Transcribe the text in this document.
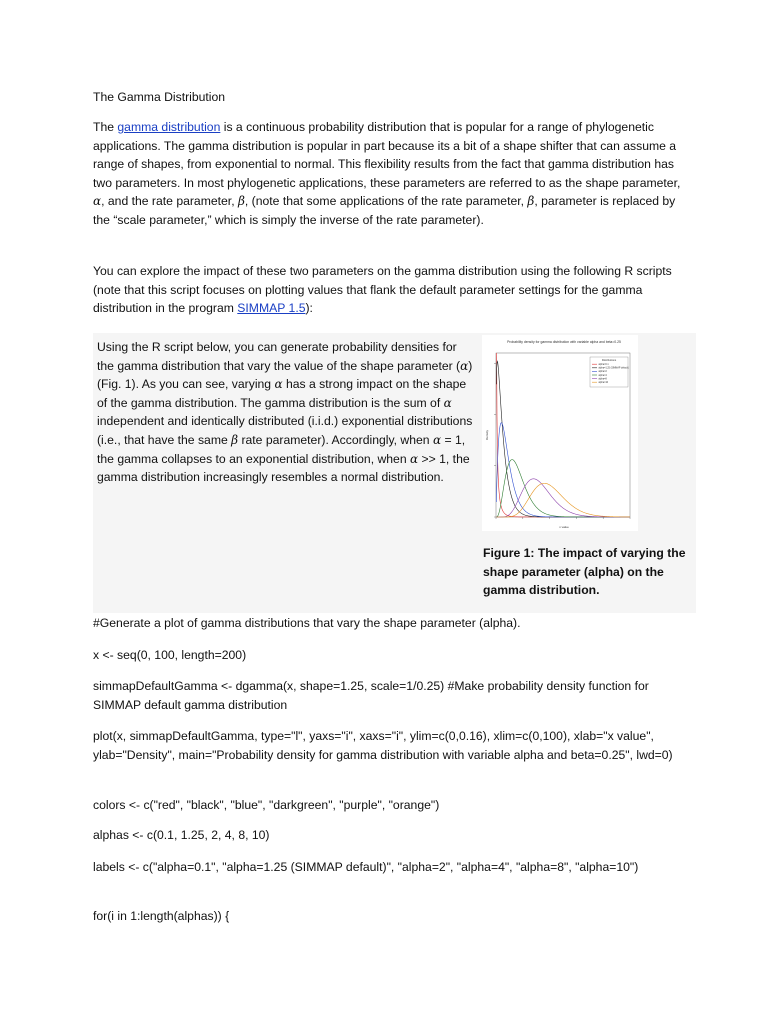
The Gamma Distribution

The gamma distribution is a continuous probability distribution that is popular for a range of phylogenetic applications. The gamma distribution is popular in part because its a bit of a shape shifter that can assume a range of shapes, from exponential to normal. This flexibility results from the fact that gamma distribution has two parameters. In most phylogenetic applications, these parameters are referred to as the shape parameter, α, and the rate parameter, β, (note that some applications of the rate parameter, β, parameter is replaced by the “scale parameter,” which is simply the inverse of the rate parameter).

You can explore the impact of these two parameters on the gamma distribution using the following R scripts (note that this script focuses on plotting values that flank the default parameter settings for the gamma distribution in the program SIMMAP 1.5):

Using the R script below, you can generate probability densities for the gamma distribution that vary the value of the shape parameter (α) (Fig. 1). As you can see, varying α has a strong impact on the shape of the gamma distribution. The gamma distribution is the sum of α independent and identically distributed (i.i.d.) exponential distributions (i.e., that have the same β rate parameter). Accordingly, when α = 1, the gamma collapses to an exponential distribution, when α >> 1, the gamma distribution increasingly resembles a normal distribution.

Probability density for gamma distribution with variable alpha and beta=0.25
Density
x value
Distributions
alpha=0.1
alpha=1.25 (SIMMAP default)
alpha=2
alpha=4
alpha=8
alpha=10
Figure 1: The impact of varying the shape parameter (alpha) on the gamma distribution.
#Generate a plot of gamma distributions that vary the shape parameter (alpha).
x <- seq(0, 100, length=200)
simmapDefaultGamma <- dgamma(x, shape=1.25, scale=1/0.25) #Make probability density function for SIMMAP default gamma distribution
plot(x, simmapDefaultGamma, type="l", yaxs="i", xaxs="i", ylim=c(0,0.16), xlim=c(0,100), xlab="x value", ylab="Density", main="Probability density for gamma distribution with variable alpha and beta=0.25", lwd=0)
colors <- c("red", "black", "blue", "darkgreen", "purple", "orange")
alphas <- c(0.1, 1.25, 2, 4, 8, 10)
labels <- c("alpha=0.1", "alpha=1.25 (SIMMAP default)", "alpha=2", "alpha=4", "alpha=8", "alpha=10")
for(i in 1:length(alphas)) {
